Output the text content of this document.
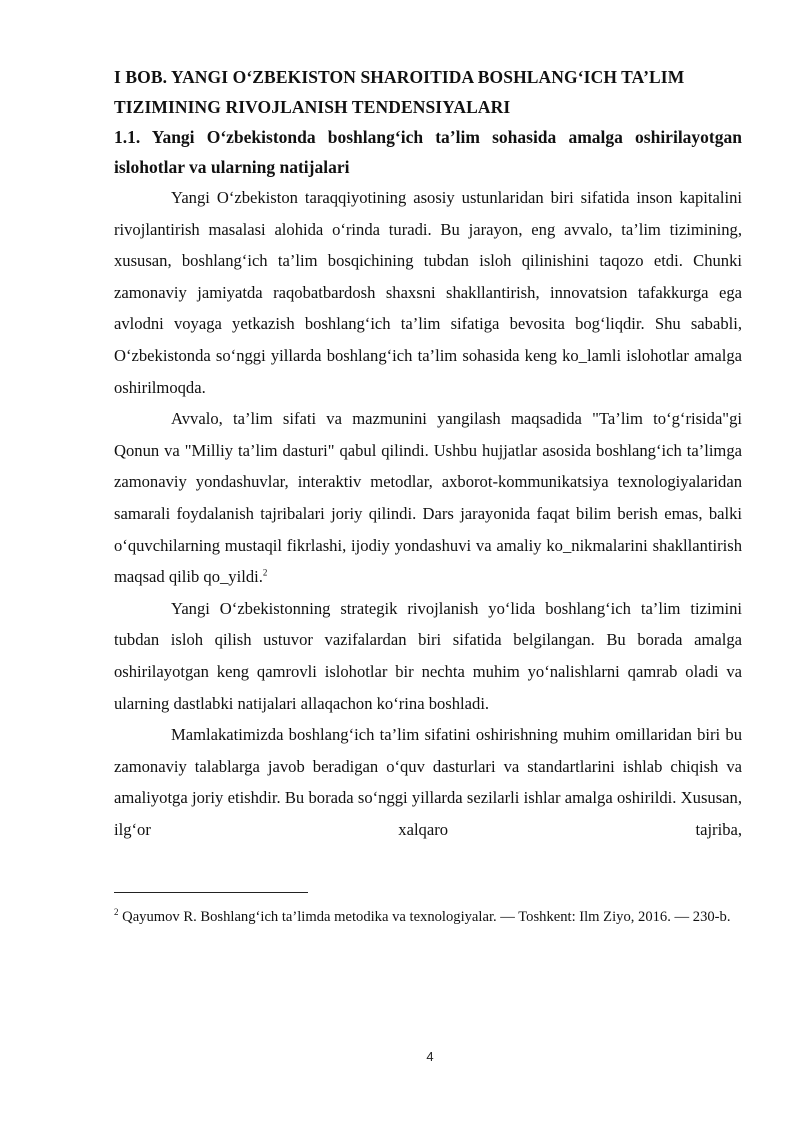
I BOB. YANGI O‘ZBEKISTON SHAROITIDA BOSHLANG‘ICH TA’LIM TIZIMINING RIVOJLANISH TENDENSIYALARI
1.1. Yangi O‘zbekistonda boshlang‘ich ta’lim sohasida amalga oshirilayotgan islohotlar va ularning natijalari

Yangi O‘zbekiston taraqqiyotining asosiy ustunlaridan biri sifatida inson kapitalini rivojlantirish masalasi alohida o‘rinda turadi. Bu jarayon, eng avvalo, ta’lim tizimining, xususan, boshlang‘ich ta’lim bosqichining tubdan isloh qilinishini taqozo etdi. Chunki zamonaviy jamiyatda raqobatbardosh shaxsni shakllantirish, innovatsion tafakkurga ega avlodni voyaga yetkazish boshlang‘ich ta’lim sifatiga bevosita bog‘liqdir. Shu sababli, O‘zbekistonda so‘nggi yillarda boshlang‘ich ta’lim sohasida keng ko_lamli islohotlar amalga oshirilmoqda.

Avvalo, ta’lim sifati va mazmunini yangilash maqsadida "Ta’lim to‘g‘risida"gi Qonun va "Milliy ta’lim dasturi" qabul qilindi. Ushbu hujjatlar asosida boshlang‘ich ta’limga zamonaviy yondashuvlar, interaktiv metodlar, axborot-kommunikatsiya texnologiyalaridan samarali foydalanish tajribalari joriy qilindi. Dars jarayonida faqat bilim berish emas, balki o‘quvchilarning mustaqil fikrlashi, ijodiy yondashuvi va amaliy ko_nikmalarini shakllantirish maqsad qilib qo_yildi.$^2$

Yangi O‘zbekistonning strategik rivojlanish yo‘lida boshlang‘ich ta’lim tizimini tubdan isloh qilish ustuvor vazifalardan biri sifatida belgilangan. Bu borada amalga oshirilayotgan keng qamrovli islohotlar bir nechta muhim yo‘nalishlarni qamrab oladi va ularning dastlabki natijalari allaqachon ko‘rina boshladi.

Mamlakatimizda boshlang‘ich ta’lim sifatini oshirishning muhim omillaridan biri bu zamonaviy talablarga javob beradigan o‘quv dasturlari va standartlarini ishlab chiqish va amaliyotga joriy etishdir. Bu borada so‘nggi yillarda sezilarli ishlar amalga oshirildi. Xususan, ilg‘or xalqaro tajriba,

$^2$ Qayumov R. Boshlang‘ich ta’limda metodika va texnologiyalar. — Toshkent: Ilm Ziyo, 2016. — 230-b.

4
